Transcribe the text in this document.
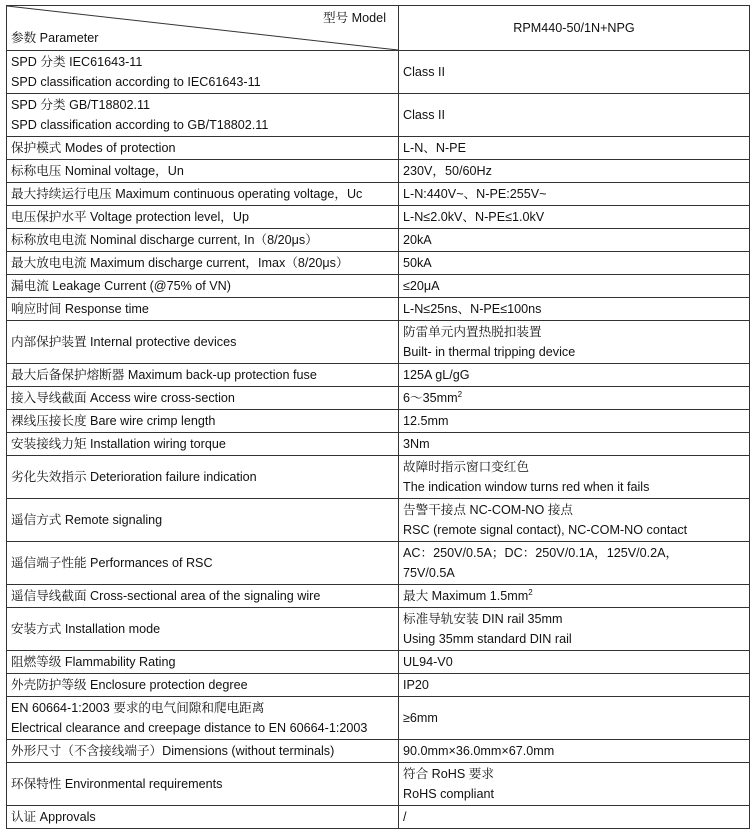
型号 Model
参数 Parameter	RPM440-50/1N+NPG

SPD 分类 IEC61643-11
SPD classification according to IEC61643-11	Class II

SPD 分类 GB/T18802.11
SPD classification according to GB/T18802.11	Class II

保护模式 Modes of protection	L-N、N-PE

标称电压 Nominal voltage，Un	230V，50/60Hz

最大持续运行电压 Maximum continuous operating voltage，Uc	L-N:440V~、N-PE:255V~

电压保护水平 Voltage protection level，Up	L-N≤2.0kV、N-PE≤1.0kV

标称放电电流 Nominal discharge current, In（8/20μs）	20kA

最大放电电流 Maximum discharge current，Imax（8/20μs）	50kA

漏电流 Leakage Current (@75% of VN)	≤20μA

响应时间 Response time	L-N≤25ns、N-PE≤100ns

内部保护装置 Internal protective devices	防雷单元内置热脱扣装置
Built- in thermal tripping device

最大后备保护熔断器 Maximum back-up protection fuse	125A gL/gG

接入导线截面 Access wire cross-section	$6\sim 35mm^2$

裸线压接长度 Bare wire crimp length	12.5mm

安装接线力矩 Installation wiring torque	3Nm

劣化失效指示 Deterioration failure indication	故障时指示窗口变红色
The indication window turns red when it fails

遥信方式 Remote signaling	告警干接点 NC-COM-NO 接点
RSC (remote signal contact), NC-COM-NO contact

遥信端子性能 Performances of RSC	AC：250V/0.5A；DC：250V/0.1A，125V/0.2A，
75V/0.5A

遥信导线截面 Cross-sectional area of the signaling wire	最大 Maximum $1.5mm^2$

安装方式 Installation mode	标准导轨安装 DIN rail 35mm
Using 35mm standard DIN rail

阻燃等级 Flammability Rating	UL94-V0

外壳防护等级 Enclosure protection degree	IP20

EN 60664-1:2003 要求的电气间隙和爬电距离
Electrical clearance and creepage distance to EN 60664-1:2003	≥6mm

外形尺寸（不含接线端子）Dimensions (without terminals)	90.0mm×36.0mm×67.0mm

环保特性 Environmental requirements	符合 RoHS 要求
RoHS compliant

认证 Approvals	/
